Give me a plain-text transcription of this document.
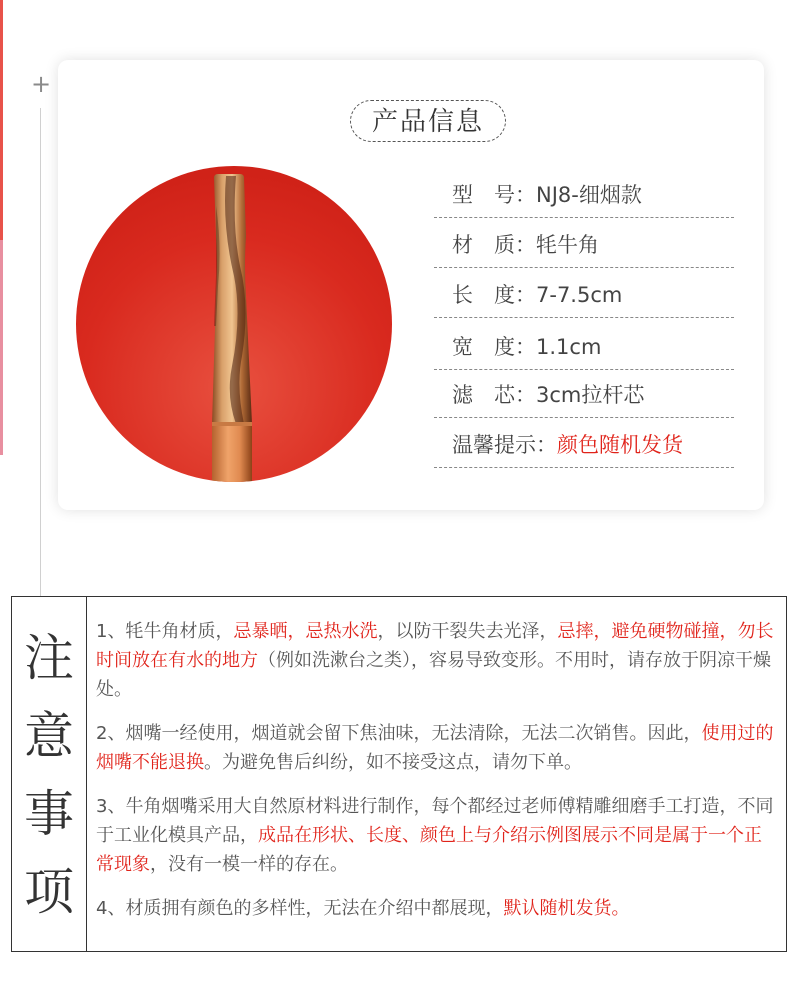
+
产品信息
型　号：NJ8-细烟款
材　质：牦牛角
长　度：7-7.5cm
宽　度：1.1cm
滤　芯：3cm拉杆芯
温馨提示：颜色随机发货
注
意
事
项

1、牦牛角材质，忌暴晒，忌热水洗，以防干裂失去光泽，忌摔，避免硬物碰撞，勿长时间放在有水的地方（例如洗漱台之类），容易导致变形。不用时，请存放于阴凉干燥处。

2、烟嘴一经使用，烟道就会留下焦油味，无法清除，无法二次销售。因此，使用过的烟嘴不能退换。为避免售后纠纷，如不接受这点，请勿下单。

3、牛角烟嘴采用大自然原材料进行制作，每个都经过老师傅精雕细磨手工打造，不同于工业化模具产品，成品在形状、长度、颜色上与介绍示例图展示不同是属于一个正常现象，没有一模一样的存在。

4、材质拥有颜色的多样性，无法在介绍中都展现，默认随机发货。
